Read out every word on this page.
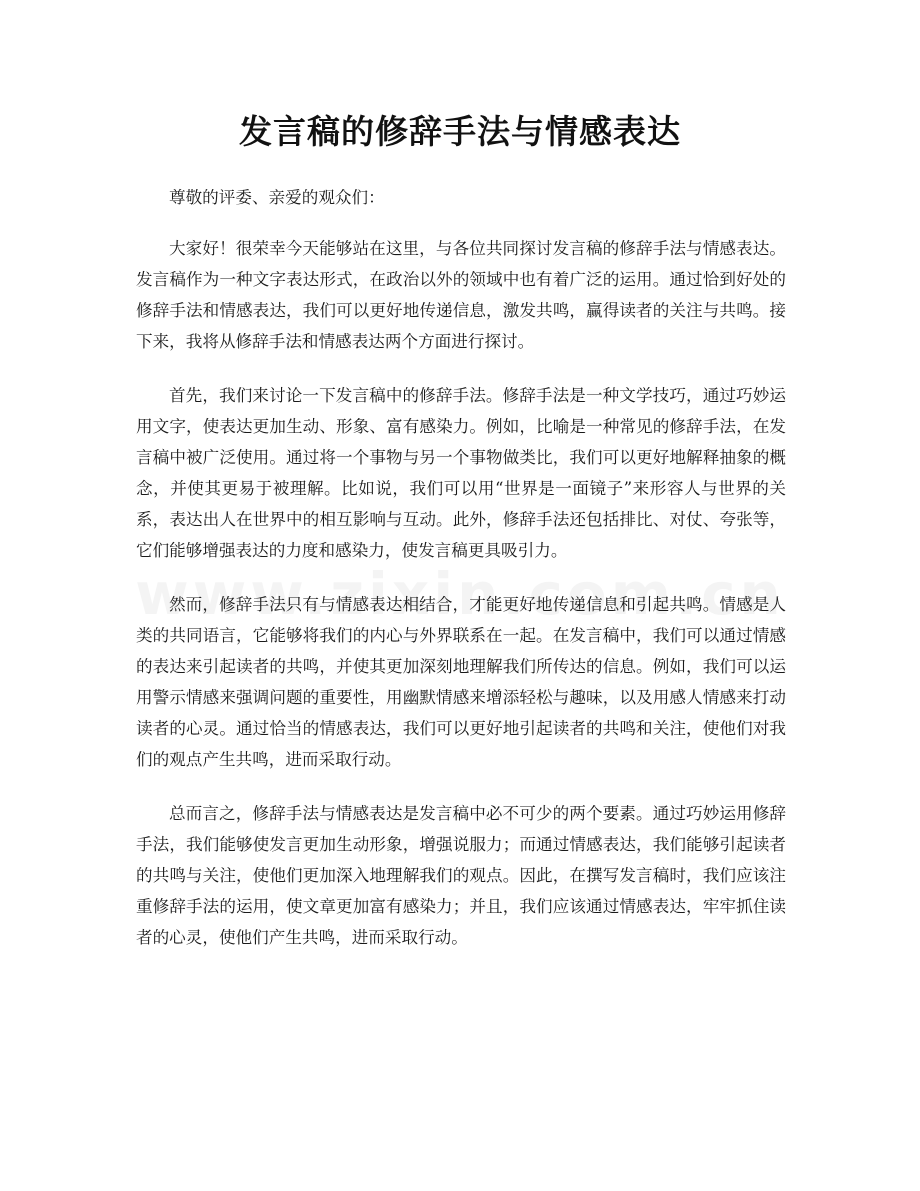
发言稿的修辞手法与情感表达

尊敬的评委、亲爱的观众们：

大家好！很荣幸今天能够站在这里，与各位共同探讨发言稿的修辞手法与情感表达。发言稿作为一种文字表达形式，在政治以外的领域中也有着广泛的运用。通过恰到好处的修辞手法和情感表达，我们可以更好地传递信息，激发共鸣，赢得读者的关注与共鸣。接下来，我将从修辞手法和情感表达两个方面进行探讨。

首先，我们来讨论一下发言稿中的修辞手法。修辞手法是一种文学技巧，通过巧妙运用文字，使表达更加生动、形象、富有感染力。例如，比喻是一种常见的修辞手法，在发言稿中被广泛使用。通过将一个事物与另一个事物做类比，我们可以更好地解释抽象的概念，并使其更易于被理解。比如说，我们可以用“世界是一面镜子”来形容人与世界的关系，表达出人在世界中的相互影响与互动。此外，修辞手法还包括排比、对仗、夸张等，它们能够增强表达的力度和感染力，使发言稿更具吸引力。

然而，修辞手法只有与情感表达相结合，才能更好地传递信息和引起共鸣。情感是人类的共同语言，它能够将我们的内心与外界联系在一起。在发言稿中，我们可以通过情感的表达来引起读者的共鸣，并使其更加深刻地理解我们所传达的信息。例如，我们可以运用警示情感来强调问题的重要性，用幽默情感来增添轻松与趣味，以及用感人情感来打动读者的心灵。通过恰当的情感表达，我们可以更好地引起读者的共鸣和关注，使他们对我们的观点产生共鸣，进而采取行动。

总而言之，修辞手法与情感表达是发言稿中必不可少的两个要素。通过巧妙运用修辞手法，我们能够使发言更加生动形象，增强说服力；而通过情感表达，我们能够引起读者的共鸣与关注，使他们更加深入地理解我们的观点。因此，在撰写发言稿时，我们应该注重修辞手法的运用，使文章更加富有感染力；并且，我们应该通过情感表达，牢牢抓住读者的心灵，使他们产生共鸣，进而采取行动。
